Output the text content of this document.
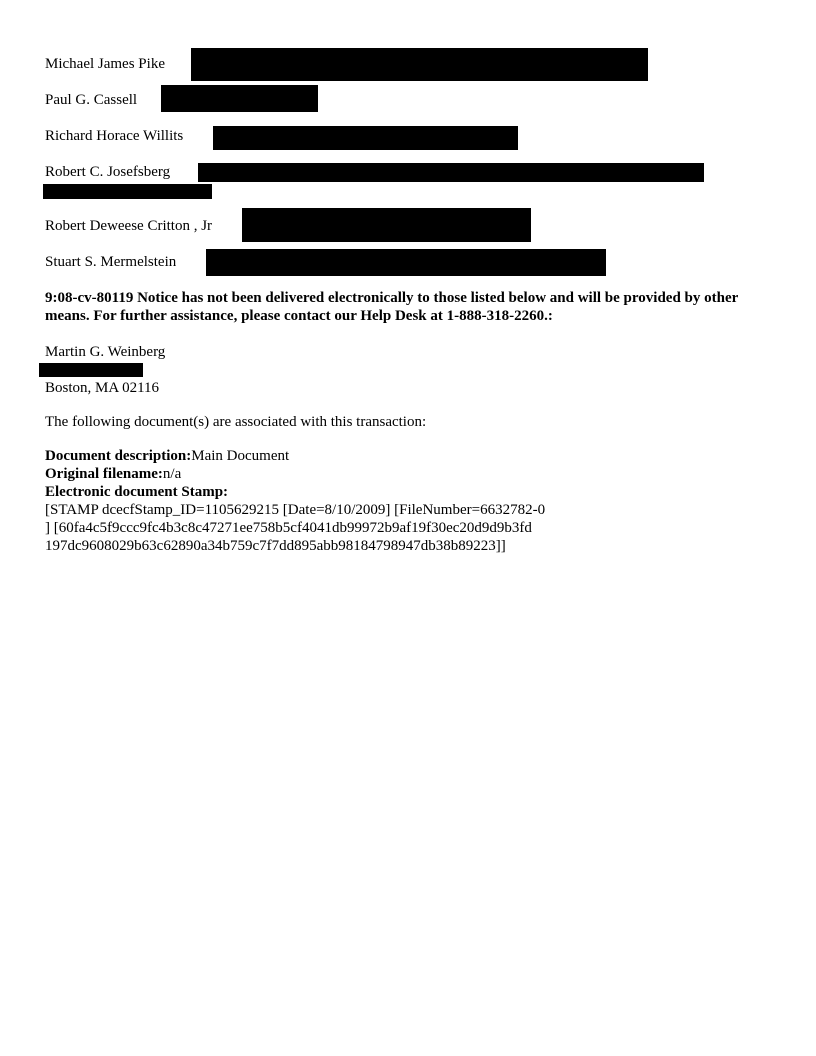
Michael James Pike
Paul G. Cassell
Richard Horace Willits
Robert C. Josefsberg
Robert Deweese Critton , Jr
Stuart S. Mermelstein
9:08-cv-80119 Notice has not been delivered electronically to those listed below and will be provided by other means. For further assistance, please contact our Help Desk at 1-888-318-2260.:
Martin G. Weinberg
Boston, MA 02116
The following document(s) are associated with this transaction:
Document description:Main Document
Original filename:n/a
Electronic document Stamp:
[STAMP dcecfStamp_ID=1105629215 [Date=8/10/2009] [FileNumber=6632782-0
] [60fa4c5f9ccc9fc4b3c8c47271ee758b5cf4041db99972b9af19f30ec20d9d9b3fd
197dc9608029b63c62890a34b759c7f7dd895abb98184798947db38b89223]]
